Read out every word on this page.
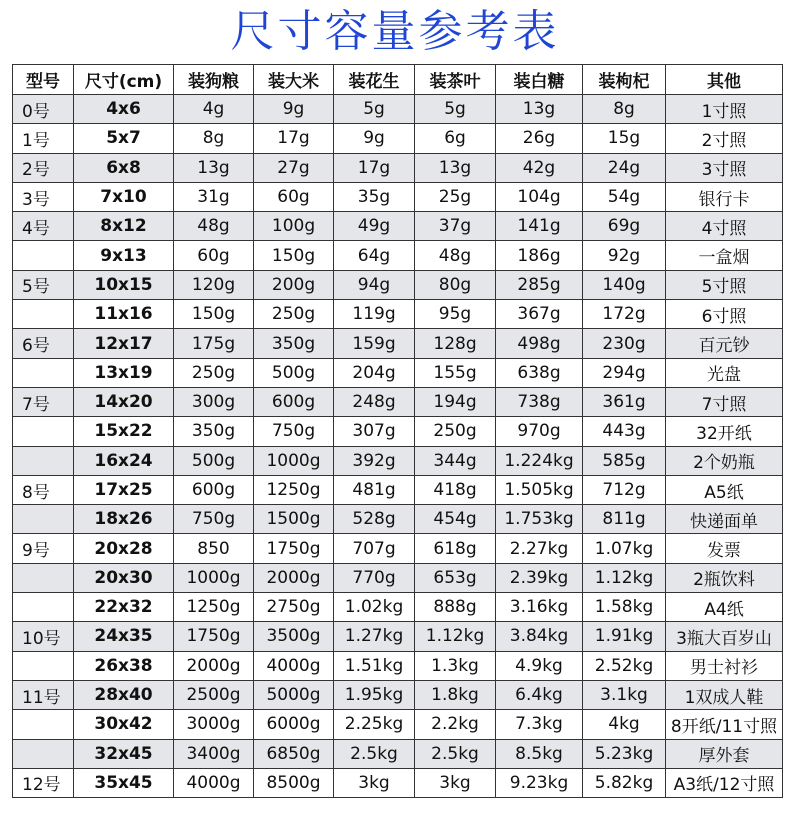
尺寸容量参考表
型号	尺寸(cm)	装狗粮	装大米	装花生	装茶叶	装白糖	装枸杞	其他
0号	4x6	4g	9g	5g	5g	13g	8g	1寸照
1号	5x7	8g	17g	9g	6g	26g	15g	2寸照
2号	6x8	13g	27g	17g	13g	42g	24g	3寸照
3号	7x10	31g	60g	35g	25g	104g	54g	银行卡
4号	8x12	48g	100g	49g	37g	141g	69g	4寸照
	9x13	60g	150g	64g	48g	186g	92g	一盒烟
5号	10x15	120g	200g	94g	80g	285g	140g	5寸照
	11x16	150g	250g	119g	95g	367g	172g	6寸照
6号	12x17	175g	350g	159g	128g	498g	230g	百元钞
	13x19	250g	500g	204g	155g	638g	294g	光盘
7号	14x20	300g	600g	248g	194g	738g	361g	7寸照
	15x22	350g	750g	307g	250g	970g	443g	32开纸
	16x24	500g	1000g	392g	344g	1.224kg	585g	2个奶瓶
8号	17x25	600g	1250g	481g	418g	1.505kg	712g	A5纸
	18x26	750g	1500g	528g	454g	1.753kg	811g	快递面单
9号	20x28	850	1750g	707g	618g	2.27kg	1.07kg	发票
	20x30	1000g	2000g	770g	653g	2.39kg	1.12kg	2瓶饮料
	22x32	1250g	2750g	1.02kg	888g	3.16kg	1.58kg	A4纸
10号	24x35	1750g	3500g	1.27kg	1.12kg	3.84kg	1.91kg	3瓶大百岁山
	26x38	2000g	4000g	1.51kg	1.3kg	4.9kg	2.52kg	男士衬衫
11号	28x40	2500g	5000g	1.95kg	1.8kg	6.4kg	3.1kg	1双成人鞋
	30x42	3000g	6000g	2.25kg	2.2kg	7.3kg	4kg	8开纸/11寸照
	32x45	3400g	6850g	2.5kg	2.5kg	8.5kg	5.23kg	厚外套
12号	35x45	4000g	8500g	3kg	3kg	9.23kg	5.82kg	A3纸/12寸照
